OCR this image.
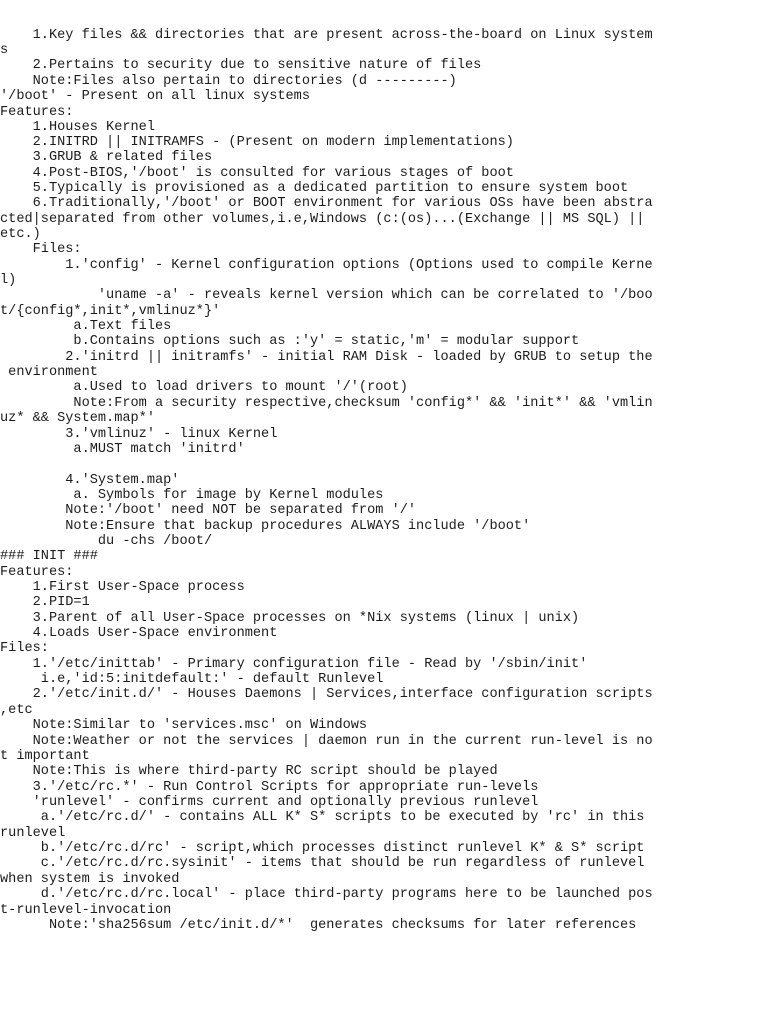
1.Key files && directories that are present across-the-board on Linux system
s
2.Pertains to security due to sensitive nature of files
Note:Files also pertain to directories (d ---------)
'/boot' - Present on all linux systems
Features:
1.Houses Kernel
2.INITRD || INITRAMFS - (Present on modern implementations)
3.GRUB & related files
4.Post-BIOS,'/boot' is consulted for various stages of boot
5.Typically is provisioned as a dedicated partition to ensure system boot
6.Traditionally,'/boot' or BOOT environment for various OSs have been abstra
cted|separated from other volumes,i.e,Windows (c:(os)...(Exchange || MS SQL) ||
etc.)
Files:
1.'config' - Kernel configuration options (Options used to compile Kerne
l)
'uname -a' - reveals kernel version which can be correlated to '/boo
t/{config*,init*,vmlinuz*}'
a.Text files
b.Contains options such as :'y' = static,'m' = modular support
2.'initrd || initramfs' - initial RAM Disk - loaded by GRUB to setup the
environment
a.Used to load drivers to mount '/'(root)
Note:From a security respective,checksum 'config*' && 'init*' && 'vmlin
uz* && System.map*'
3.'vmlinuz' - linux Kernel
a.MUST match 'initrd'
4.'System.map'
a. Symbols for image by Kernel modules
Note:'/boot' need NOT be separated from '/'
Note:Ensure that backup procedures ALWAYS include '/boot'
du -chs /boot/
### INIT ###
Features:
1.First User-Space process
2.PID=1
3.Parent of all User-Space processes on *Nix systems (linux | unix)
4.Loads User-Space environment
Files:
1.'/etc/inittab' - Primary configuration file - Read by '/sbin/init'
i.e,'id:5:initdefault:' - default Runlevel
2.'/etc/init.d/' - Houses Daemons | Services,interface configuration scripts
,etc
Note:Similar to 'services.msc' on Windows
Note:Weather or not the services | daemon run in the current run-level is no
t important
Note:This is where third-party RC script should be played
3.'/etc/rc.*' - Run Control Scripts for appropriate run-levels
'runlevel' - confirms current and optionally previous runlevel
a.'/etc/rc.d/' - contains ALL K* S* scripts to be executed by 'rc' in this
runlevel
b.'/etc/rc.d/rc' - script,which processes distinct runlevel K* & S* script
c.'/etc/rc.d/rc.sysinit' - items that should be run regardless of runlevel
when system is invoked
d.'/etc/rc.d/rc.local' - place third-party programs here to be launched pos
t-runlevel-invocation
Note:'sha256sum /etc/init.d/*'  generates checksums for later references
